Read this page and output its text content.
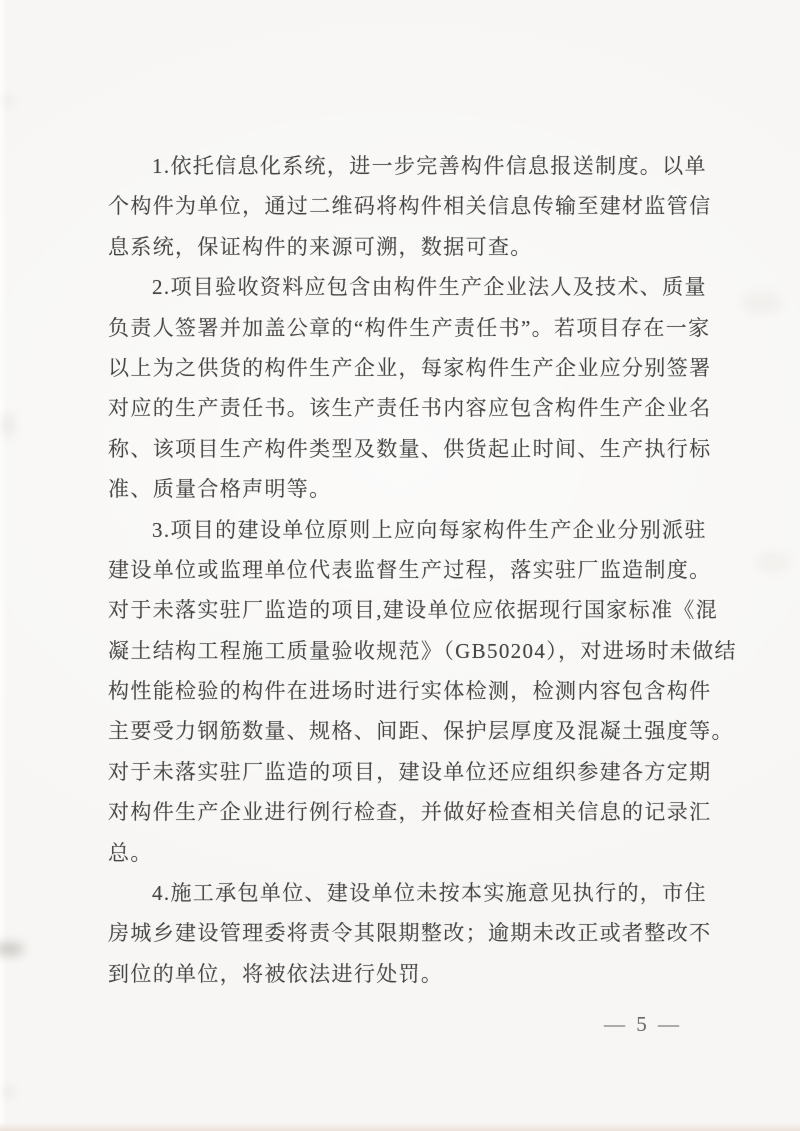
1.依托信息化系统，进一步完善构件信息报送制度。以单
个构件为单位，通过二维码将构件相关信息传输至建材监管信
息系统，保证构件的来源可溯，数据可查。
2.项目验收资料应包含由构件生产企业法人及技术、质量
负责人签署并加盖公章的“构件生产责任书”。若项目存在一家
以上为之供货的构件生产企业，每家构件生产企业应分别签署
对应的生产责任书。该生产责任书内容应包含构件生产企业名
称、该项目生产构件类型及数量、供货起止时间、生产执行标
准、质量合格声明等。
3.项目的建设单位原则上应向每家构件生产企业分别派驻
建设单位或监理单位代表监督生产过程，落实驻厂监造制度。
对于未落实驻厂监造的项目,建设单位应依据现行国家标准《混
凝土结构工程施工质量验收规范》（GB50204），对进场时未做结
构性能检验的构件在进场时进行实体检测，检测内容包含构件
主要受力钢筋数量、规格、间距、保护层厚度及混凝土强度等。
对于未落实驻厂监造的项目，建设单位还应组织参建各方定期
对构件生产企业进行例行检查，并做好检查相关信息的记录汇
总。
4.施工承包单位、建设单位未按本实施意见执行的，市住
房城乡建设管理委将责令其限期整改；逾期未改正或者整改不
到位的单位，将被依法进行处罚。
— 5 —
